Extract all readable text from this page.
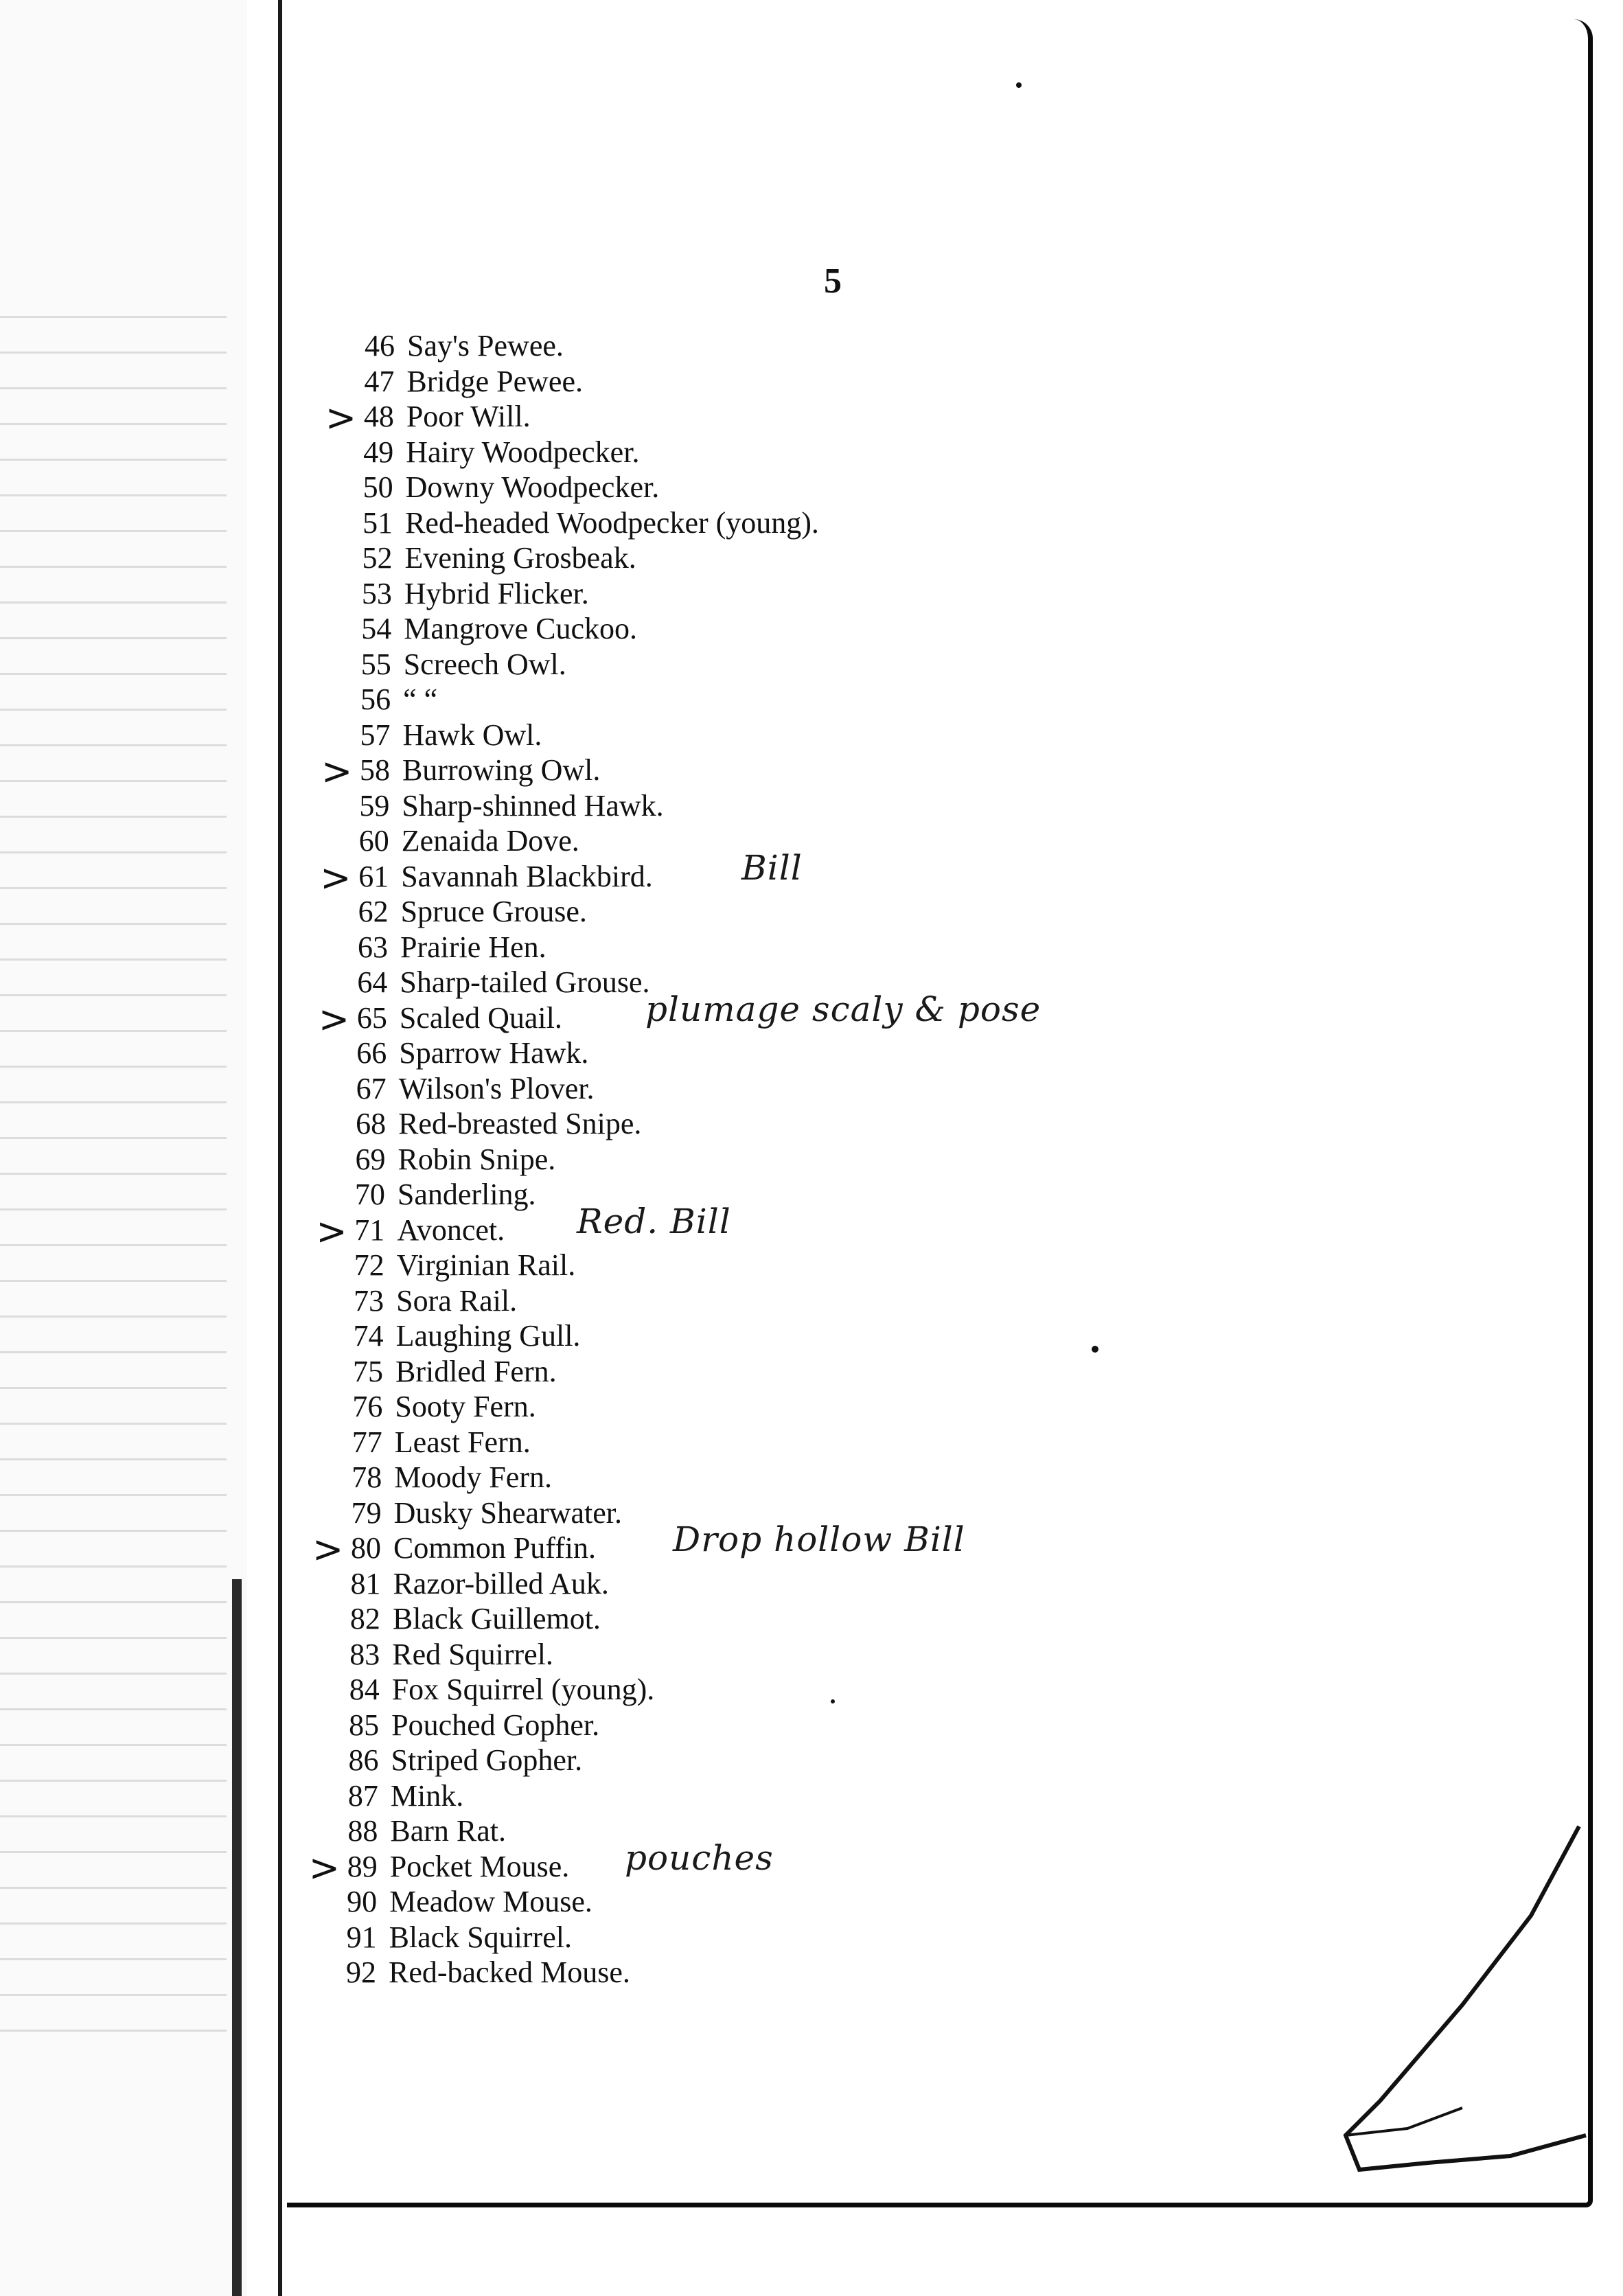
5
46 Say's Pewee.
47 Bridge Pewee.
48 Poor Will.
49 Hairy Woodpecker.
50 Downy Woodpecker.
51 Red-headed Woodpecker (young).
52 Evening Grosbeak.
53 Hybrid Flicker.
54 Mangrove Cuckoo.
55 Screech Owl.
56 “ “
57 Hawk Owl.
58 Burrowing Owl.
59 Sharp-shinned Hawk.
60 Zenaida Dove.
61 Savannah Blackbird.
62 Spruce Grouse.
63 Prairie Hen.
64 Sharp-tailed Grouse.
65 Scaled Quail.
66 Sparrow Hawk.
67 Wilson's Plover.
68 Red-breasted Snipe.
69 Robin Snipe.
70 Sanderling.
71 Avoncet.
72 Virginian Rail.
73 Sora Rail.
74 Laughing Gull.
75 Bridled Fern.
76 Sooty Fern.
77 Least Fern.
78 Moody Fern.
79 Dusky Shearwater.
80 Common Puffin.
81 Razor-billed Auk.
82 Black Guillemot.
83 Red Squirrel.
84 Fox Squirrel (young).
85 Pouched Gopher.
86 Striped Gopher.
87 Mink.
88 Barn Rat.
89 Pocket Mouse.
90 Meadow Mouse.
91 Black Squirrel.
92 Red-backed Mouse.
>
>
>
>
>
>
>
Bill
plumage scaly & pose
Red. Bill
Drop hollow Bill
pouches
